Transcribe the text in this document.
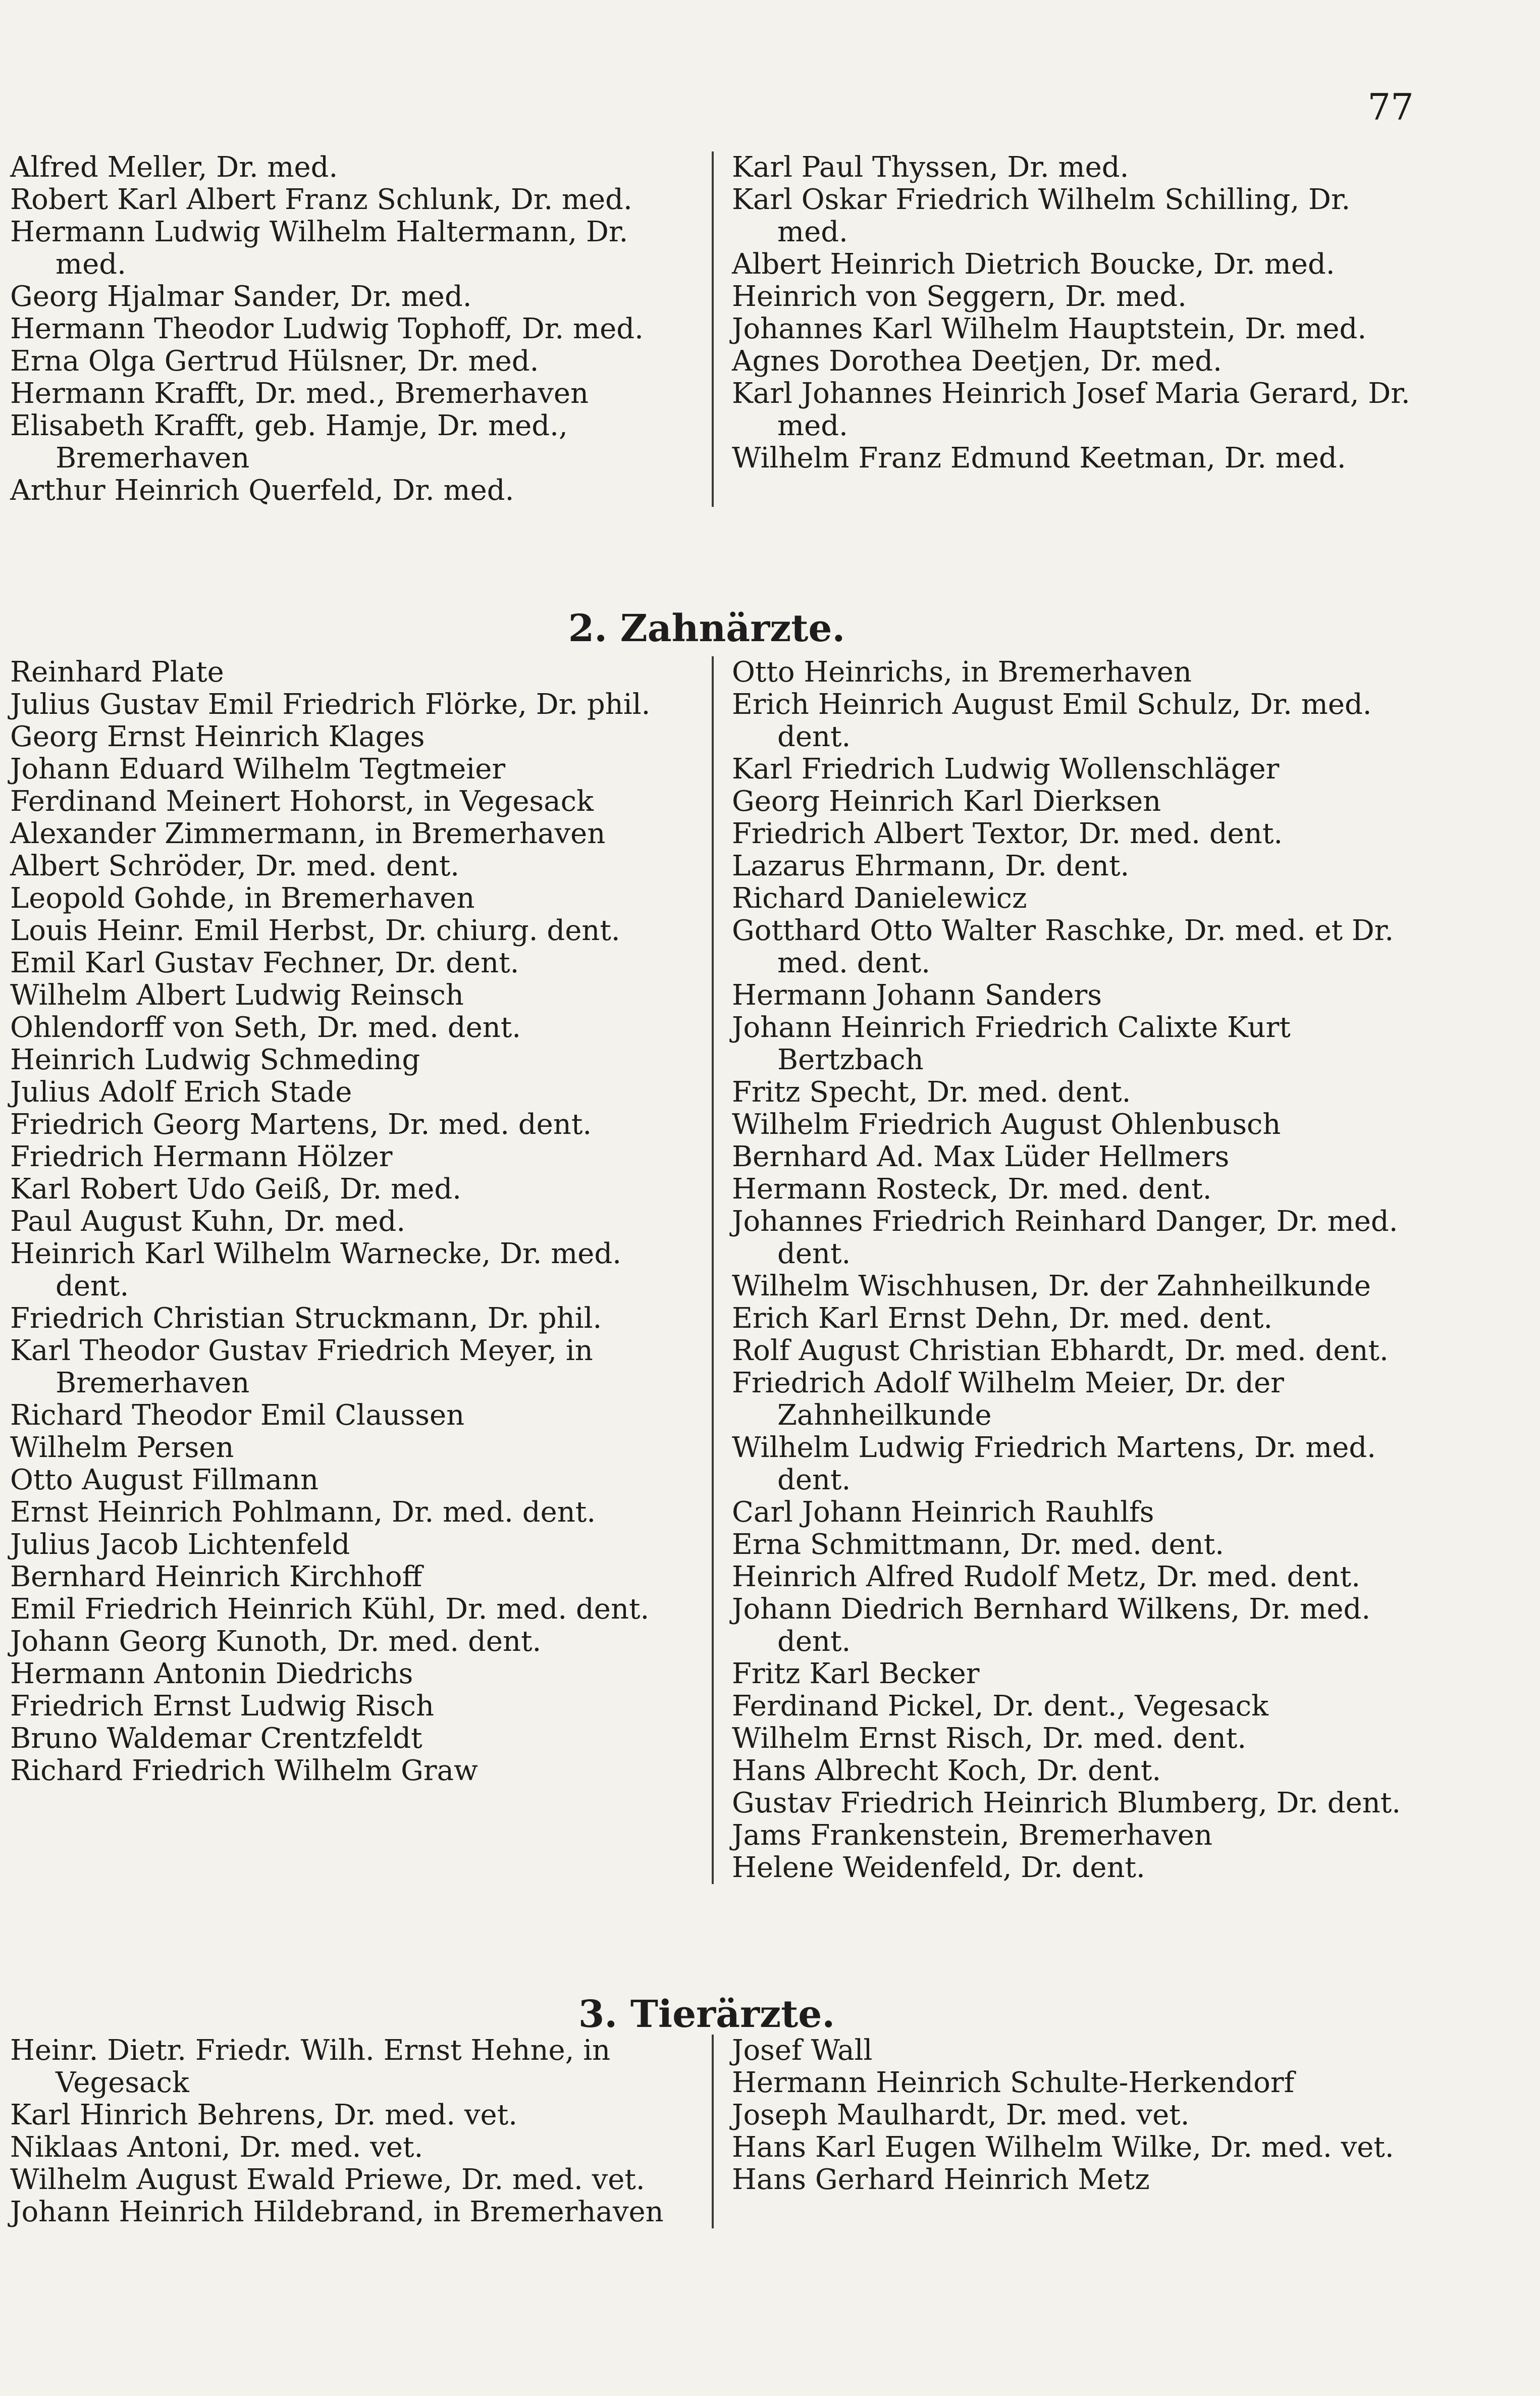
77
Alfred Meller, Dr. med.
Robert Karl Albert Franz Schlunk, Dr. med.
Hermann Ludwig Wilhelm Haltermann, Dr. med.
Georg Hjalmar Sander, Dr. med.
Hermann Theodor Ludwig Tophoff, Dr. med.
Erna Olga Gertrud Hülsner, Dr. med.
Hermann Krafft, Dr. med., Bremerhaven
Elisabeth Krafft, geb. Hamje, Dr. med., Bremerhaven
Arthur Heinrich Querfeld, Dr. med.
Karl Paul Thyssen, Dr. med.
Karl Oskar Friedrich Wilhelm Schilling, Dr. med.
Albert Heinrich Dietrich Boucke, Dr. med.
Heinrich von Seggern, Dr. med.
Johannes Karl Wilhelm Hauptstein, Dr. med.
Agnes Dorothea Deetjen, Dr. med.
Karl Johannes Heinrich Josef Maria Gerard, Dr. med.
Wilhelm Franz Edmund Keetman, Dr. med.
2. Zahnärzte.
Reinhard Plate
Julius Gustav Emil Friedrich Flörke, Dr. phil.
Georg Ernst Heinrich Klages
Johann Eduard Wilhelm Tegtmeier
Ferdinand Meinert Hohorst, in Vegesack
Alexander Zimmermann, in Bremerhaven
Albert Schröder, Dr. med. dent.
Leopold Gohde, in Bremerhaven
Louis Heinr. Emil Herbst, Dr. chiurg. dent.
Emil Karl Gustav Fechner, Dr. dent.
Wilhelm Albert Ludwig Reinsch
Ohlendorff von Seth, Dr. med. dent.
Heinrich Ludwig Schmeding
Julius Adolf Erich Stade
Friedrich Georg Martens, Dr. med. dent.
Friedrich Hermann Hölzer
Karl Robert Udo Geiß, Dr. med.
Paul August Kuhn, Dr. med.
Heinrich Karl Wilhelm Warnecke, Dr. med. dent.
Friedrich Christian Struckmann, Dr. phil.
Karl Theodor Gustav Friedrich Meyer, in Bremerhaven
Richard Theodor Emil Claussen
Wilhelm Persen
Otto August Fillmann
Ernst Heinrich Pohlmann, Dr. med. dent.
Julius Jacob Lichtenfeld
Bernhard Heinrich Kirchhoff
Emil Friedrich Heinrich Kühl, Dr. med. dent.
Johann Georg Kunoth, Dr. med. dent.
Hermann Antonin Diedrichs
Friedrich Ernst Ludwig Risch
Bruno Waldemar Crentzfeldt
Richard Friedrich Wilhelm Graw
Otto Heinrichs, in Bremerhaven
Erich Heinrich August Emil Schulz, Dr. med. dent.
Karl Friedrich Ludwig Wollenschläger
Georg Heinrich Karl Dierksen
Friedrich Albert Textor, Dr. med. dent.
Lazarus Ehrmann, Dr. dent.
Richard Danielewicz
Gotthard Otto Walter Raschke, Dr. med. et Dr. med. dent.
Hermann Johann Sanders
Johann Heinrich Friedrich Calixte Kurt Bertzbach
Fritz Specht, Dr. med. dent.
Wilhelm Friedrich August Ohlenbusch
Bernhard Ad. Max Lüder Hellmers
Hermann Rosteck, Dr. med. dent.
Johannes Friedrich Reinhard Danger, Dr. med. dent.
Wilhelm Wischhusen, Dr. der Zahnheilkunde
Erich Karl Ernst Dehn, Dr. med. dent.
Rolf August Christian Ebhardt, Dr. med. dent.
Friedrich Adolf Wilhelm Meier, Dr. der Zahnheilkunde
Wilhelm Ludwig Friedrich Martens, Dr. med. dent.
Carl Johann Heinrich Rauhlfs
Erna Schmittmann, Dr. med. dent.
Heinrich Alfred Rudolf Metz, Dr. med. dent.
Johann Diedrich Bernhard Wilkens, Dr. med. dent.
Fritz Karl Becker
Ferdinand Pickel, Dr. dent., Vegesack
Wilhelm Ernst Risch, Dr. med. dent.
Hans Albrecht Koch, Dr. dent.
Gustav Friedrich Heinrich Blumberg, Dr. dent.
Jams Frankenstein, Bremerhaven
Helene Weidenfeld, Dr. dent.
3. Tierärzte.
Heinr. Dietr. Friedr. Wilh. Ernst Hehne, in Vegesack
Karl Hinrich Behrens, Dr. med. vet.
Niklaas Antoni, Dr. med. vet.
Wilhelm August Ewald Priewe, Dr. med. vet.
Johann Heinrich Hildebrand, in Bremerhaven
Josef Wall
Hermann Heinrich Schulte-Herkendorf
Joseph Maulhardt, Dr. med. vet.
Hans Karl Eugen Wilhelm Wilke, Dr. med. vet.
Hans Gerhard Heinrich Metz
